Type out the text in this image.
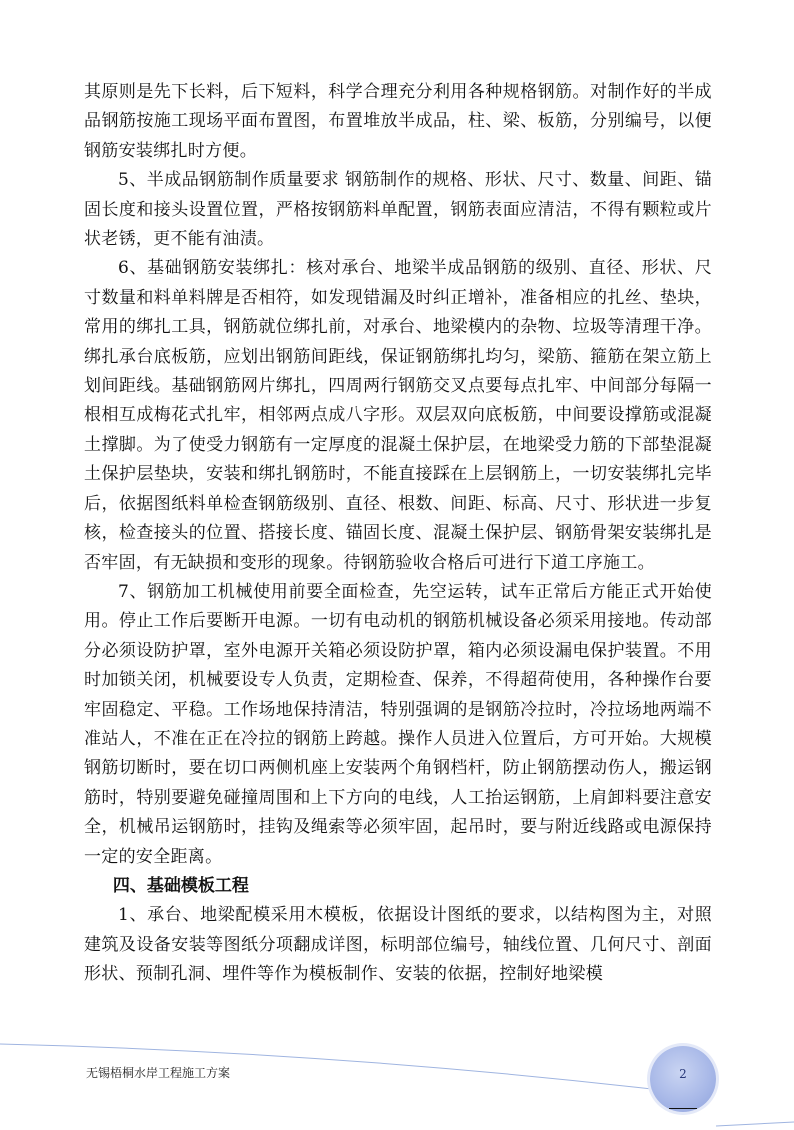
其原则是先下长料，后下短料，科学合理充分利用各种规格钢筋。对制作好的半成品钢筋按施工现场平面布置图，布置堆放半成品，柱、梁、板筋，分别编号，以便钢筋安装绑扎时方便。

5、半成品钢筋制作质量要求 钢筋制作的规格、形状、尺寸、数量、间距、锚固长度和接头设置位置，严格按钢筋料单配置，钢筋表面应清洁，不得有颗粒或片状老锈，更不能有油渍。

6、基础钢筋安装绑扎：核对承台、地梁半成品钢筋的级别、直径、形状、尺寸数量和料单料牌是否相符，如发现错漏及时纠正增补，准备相应的扎丝、垫块，常用的绑扎工具，钢筋就位绑扎前，对承台、地梁模内的杂物、垃圾等清理干净。绑扎承台底板筋，应划出钢筋间距线，保证钢筋绑扎均匀，梁筋、箍筋在架立筋上划间距线。基础钢筋网片绑扎，四周两行钢筋交叉点要每点扎牢、中间部分每隔一根相互成梅花式扎牢，相邻两点成八字形。双层双向底板筋，中间要设撑筋或混凝土撑脚。为了使受力钢筋有一定厚度的混凝土保护层，在地梁受力筋的下部垫混凝土保护层垫块，安装和绑扎钢筋时，不能直接踩在上层钢筋上，一切安装绑扎完毕后，依据图纸料单检查钢筋级别、直径、根数、间距、标高、尺寸、形状进一步复核，检查接头的位置、搭接长度、锚固长度、混凝土保护层、钢筋骨架安装绑扎是否牢固，有无缺损和变形的现象。待钢筋验收合格后可进行下道工序施工。

7、钢筋加工机械使用前要全面检查，先空运转，试车正常后方能正式开始使用。停止工作后要断开电源。一切有电动机的钢筋机械设备必须采用接地。传动部分必须设防护罩，室外电源开关箱必须设防护罩，箱内必须设漏电保护装置。不用时加锁关闭，机械要设专人负责，定期检查、保养，不得超荷使用，各种操作台要牢固稳定、平稳。工作场地保持清洁，特别强调的是钢筋冷拉时，冷拉场地两端不准站人，不准在正在冷拉的钢筋上跨越。操作人员进入位置后，方可开始。大规模钢筋切断时，要在切口两侧机座上安装两个角钢档杆，防止钢筋摆动伤人，搬运钢筋时，特别要避免碰撞周围和上下方向的电线，人工抬运钢筋，上肩卸料要注意安全，机械吊运钢筋时，挂钩及绳索等必须牢固，起吊时，要与附近线路或电源保持一定的安全距离。

四、基础模板工程

1、承台、地梁配模采用木模板，依据设计图纸的要求，以结构图为主，对照建筑及设备安装等图纸分项翻成详图，标明部位编号，轴线位置、几何尺寸、剖面形状、预制孔洞、埋件等作为模板制作、安装的依据，控制好地梁模

无锡梧桐水岸工程施工方案	2
